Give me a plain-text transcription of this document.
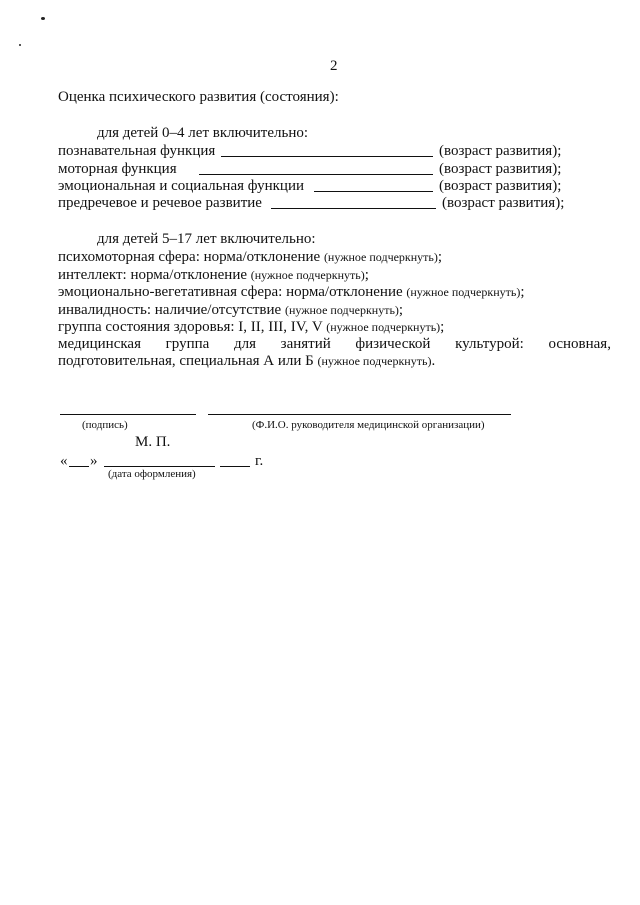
2
Оценка психического развития (состояния):
для детей 0–4 лет включительно:
познавательная функция	(возраст развития);
моторная функция	(возраст развития);
эмоциональная и социальная функции	(возраст развития);
предречевое и речевое развитие	(возраст развития);
для детей 5–17 лет включительно:
психомоторная сфера: норма/отклонение (нужное подчеркнуть);
интеллект: норма/отклонение (нужное подчеркнуть);
эмоционально-вегетативная сфера: норма/отклонение (нужное подчеркнуть);
инвалидность: наличие/отсутствие (нужное подчеркнуть);
группа состояния здоровья: I, II, III, IV, V (нужное подчеркнуть);
медицинская группа для занятий физической культурой: основная,
подготовительная, специальная А или Б (нужное подчеркнуть).
(подпись)	(Ф.И.О. руководителя медицинской организации)
М. П.
« »	г.
(дата оформления)
